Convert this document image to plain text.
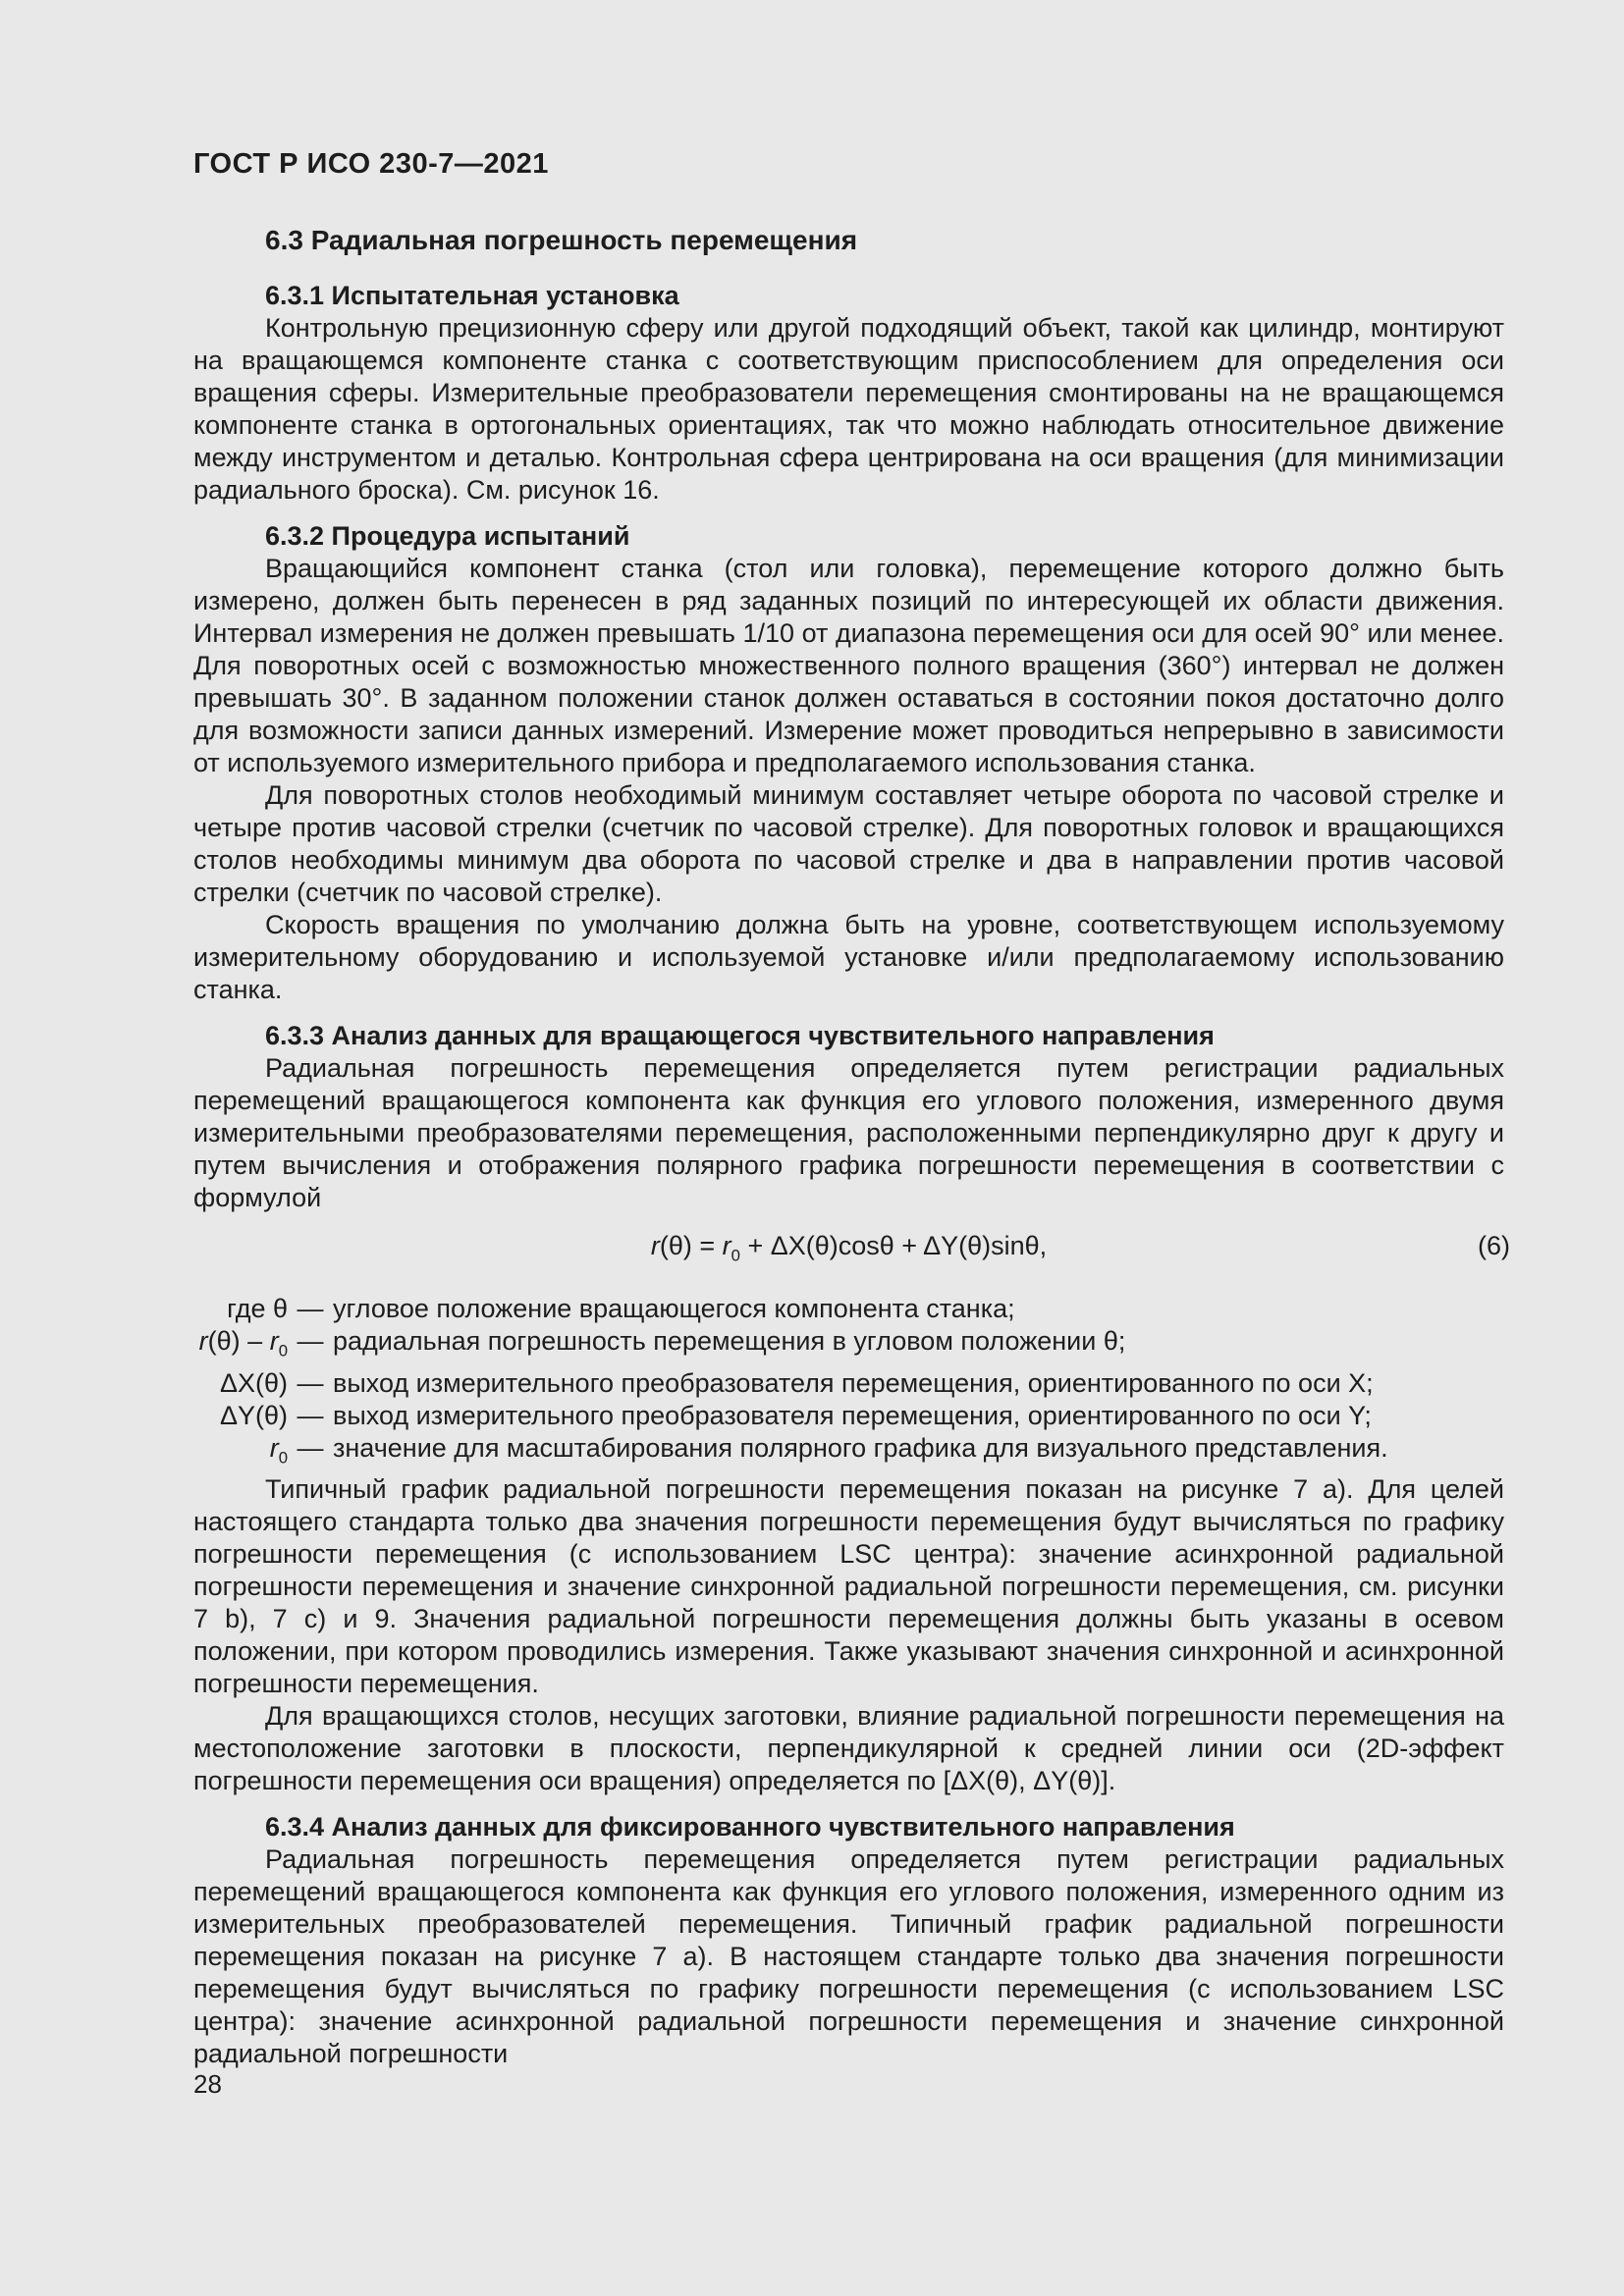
ГОСТ Р ИСО 230-7—2021
6.3 Радиальная погрешность перемещения
6.3.1 Испытательная установка

Контрольную прецизионную сферу или другой подходящий объект, такой как цилиндр, монтируют на вращающемся компоненте станка с соответствующим приспособлением для определения оси вращения сферы. Измерительные преобразователи перемещения смонтированы на не вращающемся компоненте станка в ортогональных ориентациях, так что можно наблюдать относительное движение между инструментом и деталью. Контрольная сфера центрирована на оси вращения (для минимизации радиального броска). См. рисунок 16.

6.3.2 Процедура испытаний

Вращающийся компонент станка (стол или головка), перемещение которого должно быть измерено, должен быть перенесен в ряд заданных позиций по интересующей их области движения. Интервал измерения не должен превышать 1/10 от диапазона перемещения оси для осей 90° или менее. Для поворотных осей с возможностью множественного полного вращения (360°) интервал не должен превышать 30°. В заданном положении станок должен оставаться в состоянии покоя достаточно долго для возможности записи данных измерений. Измерение может проводиться непрерывно в зависимости от используемого измерительного прибора и предполагаемого использования станка.

Для поворотных столов необходимый минимум составляет четыре оборота по часовой стрелке и четыре против часовой стрелки (счетчик по часовой стрелке). Для поворотных головок и вращающихся столов необходимы минимум два оборота по часовой стрелке и два в направлении против часовой стрелки (счетчик по часовой стрелке).

Скорость вращения по умолчанию должна быть на уровне, соответствующем используемому измерительному оборудованию и используемой установке и/или предполагаемому использованию станка.

6.3.3 Анализ данных для вращающегося чувствительного направления

Радиальная погрешность перемещения определяется путем регистрации радиальных перемещений вращающегося компонента как функция его углового положения, измеренного двумя измерительными преобразователями перемещения, расположенными перпендикулярно друг к другу и путем вычисления и отображения полярного графика погрешности перемещения в соответствии с формулой

$r(\theta) = r_0 + \Delta X(\theta)\cos\theta + \Delta Y(\theta)\sin\theta$,	(6)
где θ — угловое положение вращающегося компонента станка;
$r(\theta) - r_0$ — радиальная погрешность перемещения в угловом положении θ;
ΔX(θ) — выход измерительного преобразователя перемещения, ориентированного по оси X;
ΔY(θ) — выход измерительного преобразователя перемещения, ориентированного по оси Y;
$r_0$ — значение для масштабирования полярного графика для визуального представления.

Типичный график радиальной погрешности перемещения показан на рисунке 7 a). Для целей настоящего стандарта только два значения погрешности перемещения будут вычисляться по графику погрешности перемещения (с использованием LSC центра): значение асинхронной радиальной погрешности перемещения и значение синхронной радиальной погрешности перемещения, см. рисунки 7 b), 7 c) и 9. Значения радиальной погрешности перемещения должны быть указаны в осевом положении, при котором проводились измерения. Также указывают значения синхронной и асинхронной погрешности перемещения.

Для вращающихся столов, несущих заготовки, влияние радиальной погрешности перемещения на местоположение заготовки в плоскости, перпендикулярной к средней линии оси (2D-эффект погрешности перемещения оси вращения) определяется по [ΔX(θ), ΔY(θ)].

6.3.4 Анализ данных для фиксированного чувствительного направления

Радиальная погрешность перемещения определяется путем регистрации радиальных перемещений вращающегося компонента как функция его углового положения, измеренного одним из измерительных преобразователей перемещения. Типичный график радиальной погрешности перемещения показан на рисунке 7 a). В настоящем стандарте только два значения погрешности перемещения будут вычисляться по графику погрешности перемещения (с использованием LSC центра): значение асинхронной радиальной погрешности перемещения и значение синхронной радиальной погрешности

28
